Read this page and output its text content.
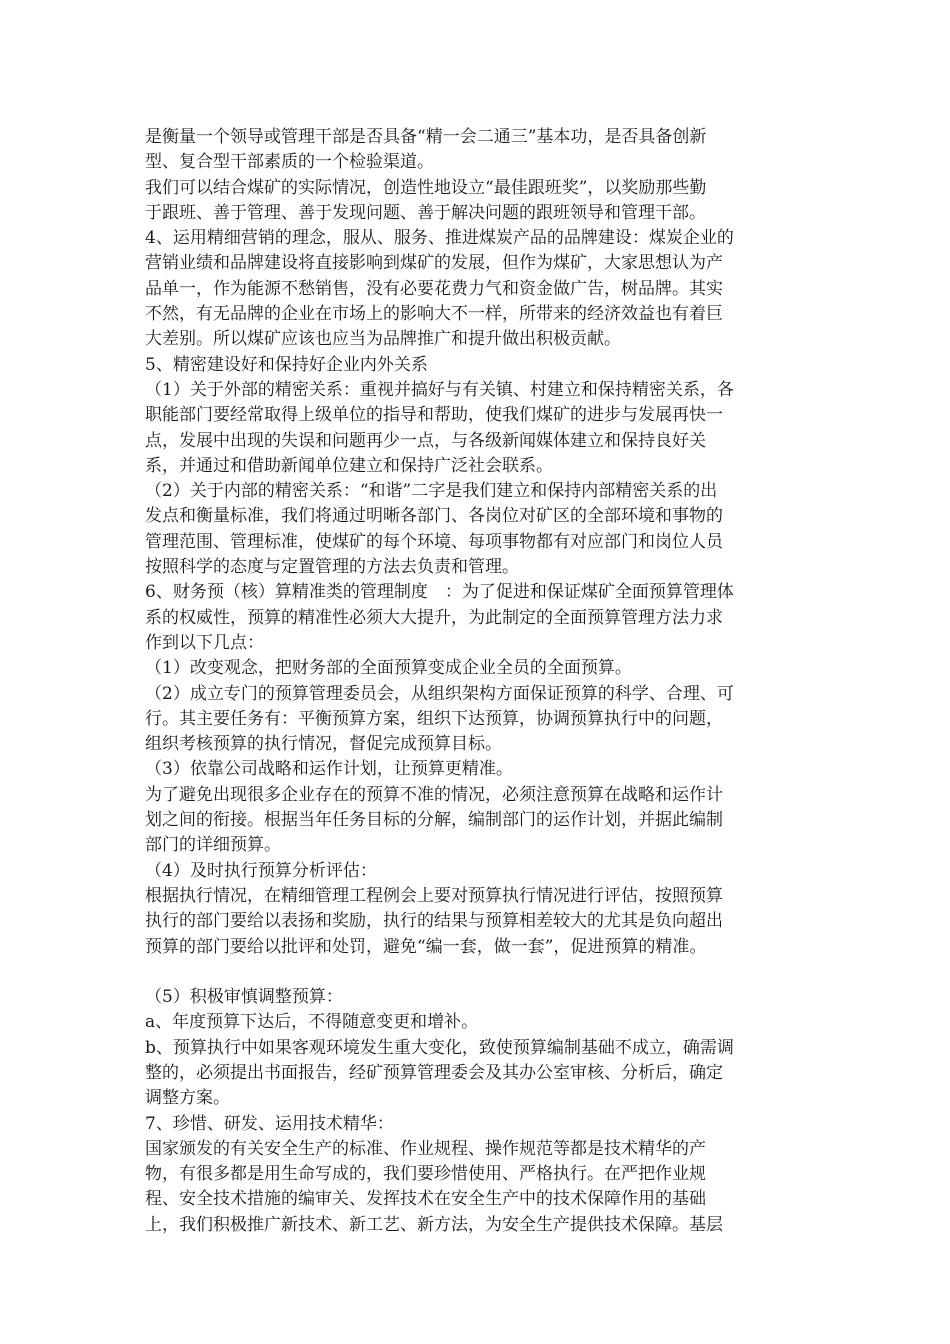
是衡量一个领导或管理干部是否具备“精一会二通三”基本功，是否具备创新
型、复合型干部素质的一个检验渠道。
我们可以结合煤矿的实际情况，创造性地设立“最佳跟班奖”，以奖励那些勤
于跟班、善于管理、善于发现问题、善于解决问题的跟班领导和管理干部。
4、运用精细营销的理念，服从、服务、推进煤炭产品的品牌建设：煤炭企业的
营销业绩和品牌建设将直接影响到煤矿的发展，但作为煤矿，大家思想认为产
品单一，作为能源不愁销售，没有必要花费力气和资金做广告，树品牌。其实
不然，有无品牌的企业在市场上的影响大不一样，所带来的经济效益也有着巨
大差别。所以煤矿应该也应当为品牌推广和提升做出积极贡献。
5、精密建设好和保持好企业内外关系
（1）关于外部的精密关系：重视并搞好与有关镇、村建立和保持精密关系，各
职能部门要经常取得上级单位的指导和帮助，使我们煤矿的进步与发展再快一
点，发展中出现的失误和问题再少一点，与各级新闻媒体建立和保持良好关
系，并通过和借助新闻单位建立和保持广泛社会联系。
（2）关于内部的精密关系：“和谐”二字是我们建立和保持内部精密关系的出
发点和衡量标准，我们将通过明晰各部门、各岗位对矿区的全部环境和事物的
管理范围、管理标准，使煤矿的每个环境、每项事物都有对应部门和岗位人员
按照科学的态度与定置管理的方法去负责和管理。
6、财务预（核）算精准类的管理制度　：为了促进和保证煤矿全面预算管理体
系的权威性，预算的精准性必须大大提升，为此制定的全面预算管理方法力求
作到以下几点：
（1）改变观念，把财务部的全面预算变成企业全员的全面预算。
（2）成立专门的预算管理委员会，从组织架构方面保证预算的科学、合理、可
行。其主要任务有：平衡预算方案，组织下达预算，协调预算执行中的问题，
组织考核预算的执行情况，督促完成预算目标。
（3）依靠公司战略和运作计划，让预算更精准。
为了避免出现很多企业存在的预算不准的情况，必须注意预算在战略和运作计
划之间的衔接。根据当年任务目标的分解，编制部门的运作计划，并据此编制
部门的详细预算。
（4）及时执行预算分析评估：
根据执行情况，在精细管理工程例会上要对预算执行情况进行评估，按照预算
执行的部门要给以表扬和奖励，执行的结果与预算相差较大的尤其是负向超出
预算的部门要给以批评和处罚，避免“编一套，做一套”，促进预算的精准。
（5）积极审慎调整预算：
a、年度预算下达后，不得随意变更和增补。
b、预算执行中如果客观环境发生重大变化，致使预算编制基础不成立，确需调
整的，必须提出书面报告，经矿预算管理委会及其办公室审核、分析后，确定
调整方案。
7、珍惜、研发、运用技术精华：
国家颁发的有关安全生产的标准、作业规程、操作规范等都是技术精华的产
物，有很多都是用生命写成的，我们要珍惜使用、严格执行。在严把作业规
程、安全技术措施的编审关、发挥技术在安全生产中的技术保障作用的基础
上，我们积极推广新技术、新工艺、新方法，为安全生产提供技术保障。基层
